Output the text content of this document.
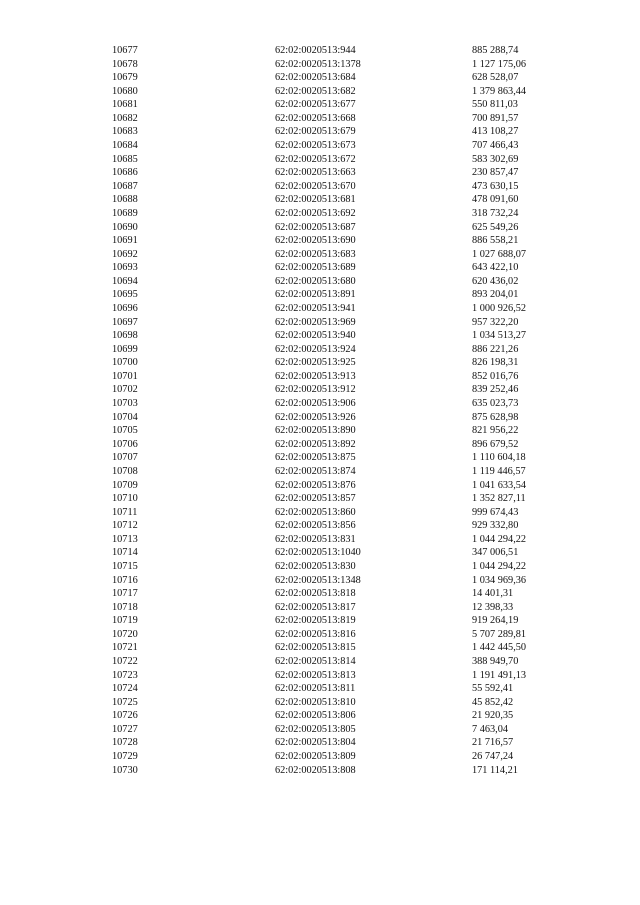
10677	62:02:0020513:944	885 288,74
10678	62:02:0020513:1378	1 127 175,06
10679	62:02:0020513:684	628 528,07
10680	62:02:0020513:682	1 379 863,44
10681	62:02:0020513:677	550 811,03
10682	62:02:0020513:668	700 891,57
10683	62:02:0020513:679	413 108,27
10684	62:02:0020513:673	707 466,43
10685	62:02:0020513:672	583 302,69
10686	62:02:0020513:663	230 857,47
10687	62:02:0020513:670	473 630,15
10688	62:02:0020513:681	478 091,60
10689	62:02:0020513:692	318 732,24
10690	62:02:0020513:687	625 549,26
10691	62:02:0020513:690	886 558,21
10692	62:02:0020513:683	1 027 688,07
10693	62:02:0020513:689	643 422,10
10694	62:02:0020513:680	620 436,02
10695	62:02:0020513:891	893 204,01
10696	62:02:0020513:941	1 000 926,52
10697	62:02:0020513:969	957 322,20
10698	62:02:0020513:940	1 034 513,27
10699	62:02:0020513:924	886 221,26
10700	62:02:0020513:925	826 198,31
10701	62:02:0020513:913	852 016,76
10702	62:02:0020513:912	839 252,46
10703	62:02:0020513:906	635 023,73
10704	62:02:0020513:926	875 628,98
10705	62:02:0020513:890	821 956,22
10706	62:02:0020513:892	896 679,52
10707	62:02:0020513:875	1 110 604,18
10708	62:02:0020513:874	1 119 446,57
10709	62:02:0020513:876	1 041 633,54
10710	62:02:0020513:857	1 352 827,11
10711	62:02:0020513:860	999 674,43
10712	62:02:0020513:856	929 332,80
10713	62:02:0020513:831	1 044 294,22
10714	62:02:0020513:1040	347 006,51
10715	62:02:0020513:830	1 044 294,22
10716	62:02:0020513:1348	1 034 969,36
10717	62:02:0020513:818	14 401,31
10718	62:02:0020513:817	12 398,33
10719	62:02:0020513:819	919 264,19
10720	62:02:0020513:816	5 707 289,81
10721	62:02:0020513:815	1 442 445,50
10722	62:02:0020513:814	388 949,70
10723	62:02:0020513:813	1 191 491,13
10724	62:02:0020513:811	55 592,41
10725	62:02:0020513:810	45 852,42
10726	62:02:0020513:806	21 920,35
10727	62:02:0020513:805	7 463,04
10728	62:02:0020513:804	21 716,57
10729	62:02:0020513:809	26 747,24
10730	62:02:0020513:808	171 114,21
